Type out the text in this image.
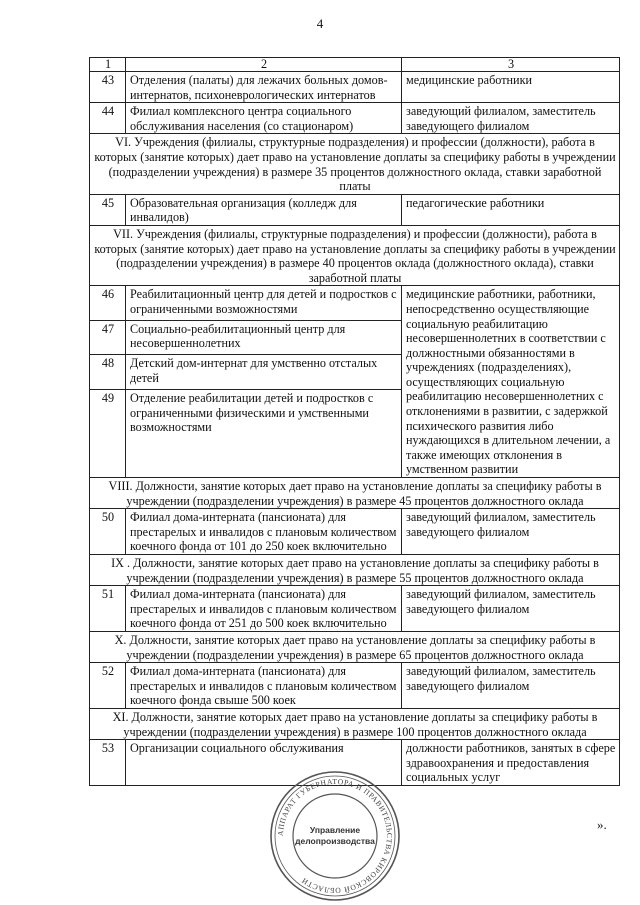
4
1	2	3
43	Отделения (палаты) для лежачих больных домов-интернатов, психоневрологических интернатов	медицинские работники
44	Филиал комплексного центра социального обслуживания населения (со стационаром)	заведующий филиалом, заместитель заведующего филиалом
VI. Учреждения (филиалы, структурные подразделения) и профессии (должности), работа в которых (занятие которых) дает право на установление доплаты за специфику работы в учреждении (подразделении учреждения) в размере 35 процентов должностного оклада, ставки заработной платы		
45	Образовательная организация (колледж для инвалидов)	педагогические работники
VII. Учреждения (филиалы, структурные подразделения) и профессии (должности), работа в которых (занятие которых) дает право на установление доплаты за специфику работы в учреждении (подразделении учреждения) в размере 40 процентов оклада (должностного оклада), ставки заработной платы		
46	Реабилитационный центр для детей и подростков с ограниченными возможностями	медицинские работники, работники, непосредственно осуществляющие социальную реабилитацию несовершеннолетних в соответствии с должностными обязанностями в учреждениях (подразделениях), осуществляющих социальную реабилитацию несовершеннолетних с отклонениями в развитии, с задержкой психического развития либо нуждающихся в длительном лечении, а также имеющих отклонения в умственном развитии
47	Социально-реабилитационный центр для несовершеннолетних	
48	Детский дом-интернат для умственно отсталых детей	
49	Отделение реабилитации детей и подростков с ограниченными физическими и умственными возможностями	
VIII. Должности, занятие которых дает право на установление доплаты за специфику работы в учреждении (подразделении учреждения) в размере 45 процентов должностного оклада		
50	Филиал дома-интерната (пансионата) для престарелых и инвалидов с плановым количеством коечного фонда от 101 до 250 коек включительно	заведующий филиалом, заместитель заведующего филиалом
IX . Должности, занятие которых дает право на установление доплаты за специфику работы в учреждении (подразделении учреждения) в размере 55 процентов должностного оклада		
51	Филиал дома-интерната (пансионата) для престарелых и инвалидов с плановым количеством коечного фонда от 251 до 500 коек включительно	заведующий филиалом, заместитель заведующего филиалом
X. Должности, занятие которых дает право на установление доплаты за специфику работы в учреждении (подразделении учреждения) в размере 65 процентов должностного оклада		
52	Филиал дома-интерната (пансионата) для престарелых и инвалидов с плановым количеством коечного фонда свыше 500 коек	заведующий филиалом, заместитель заведующего филиалом
XI. Должности, занятие которых дает право на установление доплаты за специфику работы в учреждении (подразделении учреждения) в размере 100 процентов должностного оклада		
53	Организации социального обслуживания	должности работников, занятых в сфере здравоохранения и предоставления социальных услуг
».
АППАРАТ ГУБЕРНАТОРА И ПРАВИТЕЛЬСТВА КИРОВСКОЙ ОБЛАСТИ
Управление
делопроизводства
